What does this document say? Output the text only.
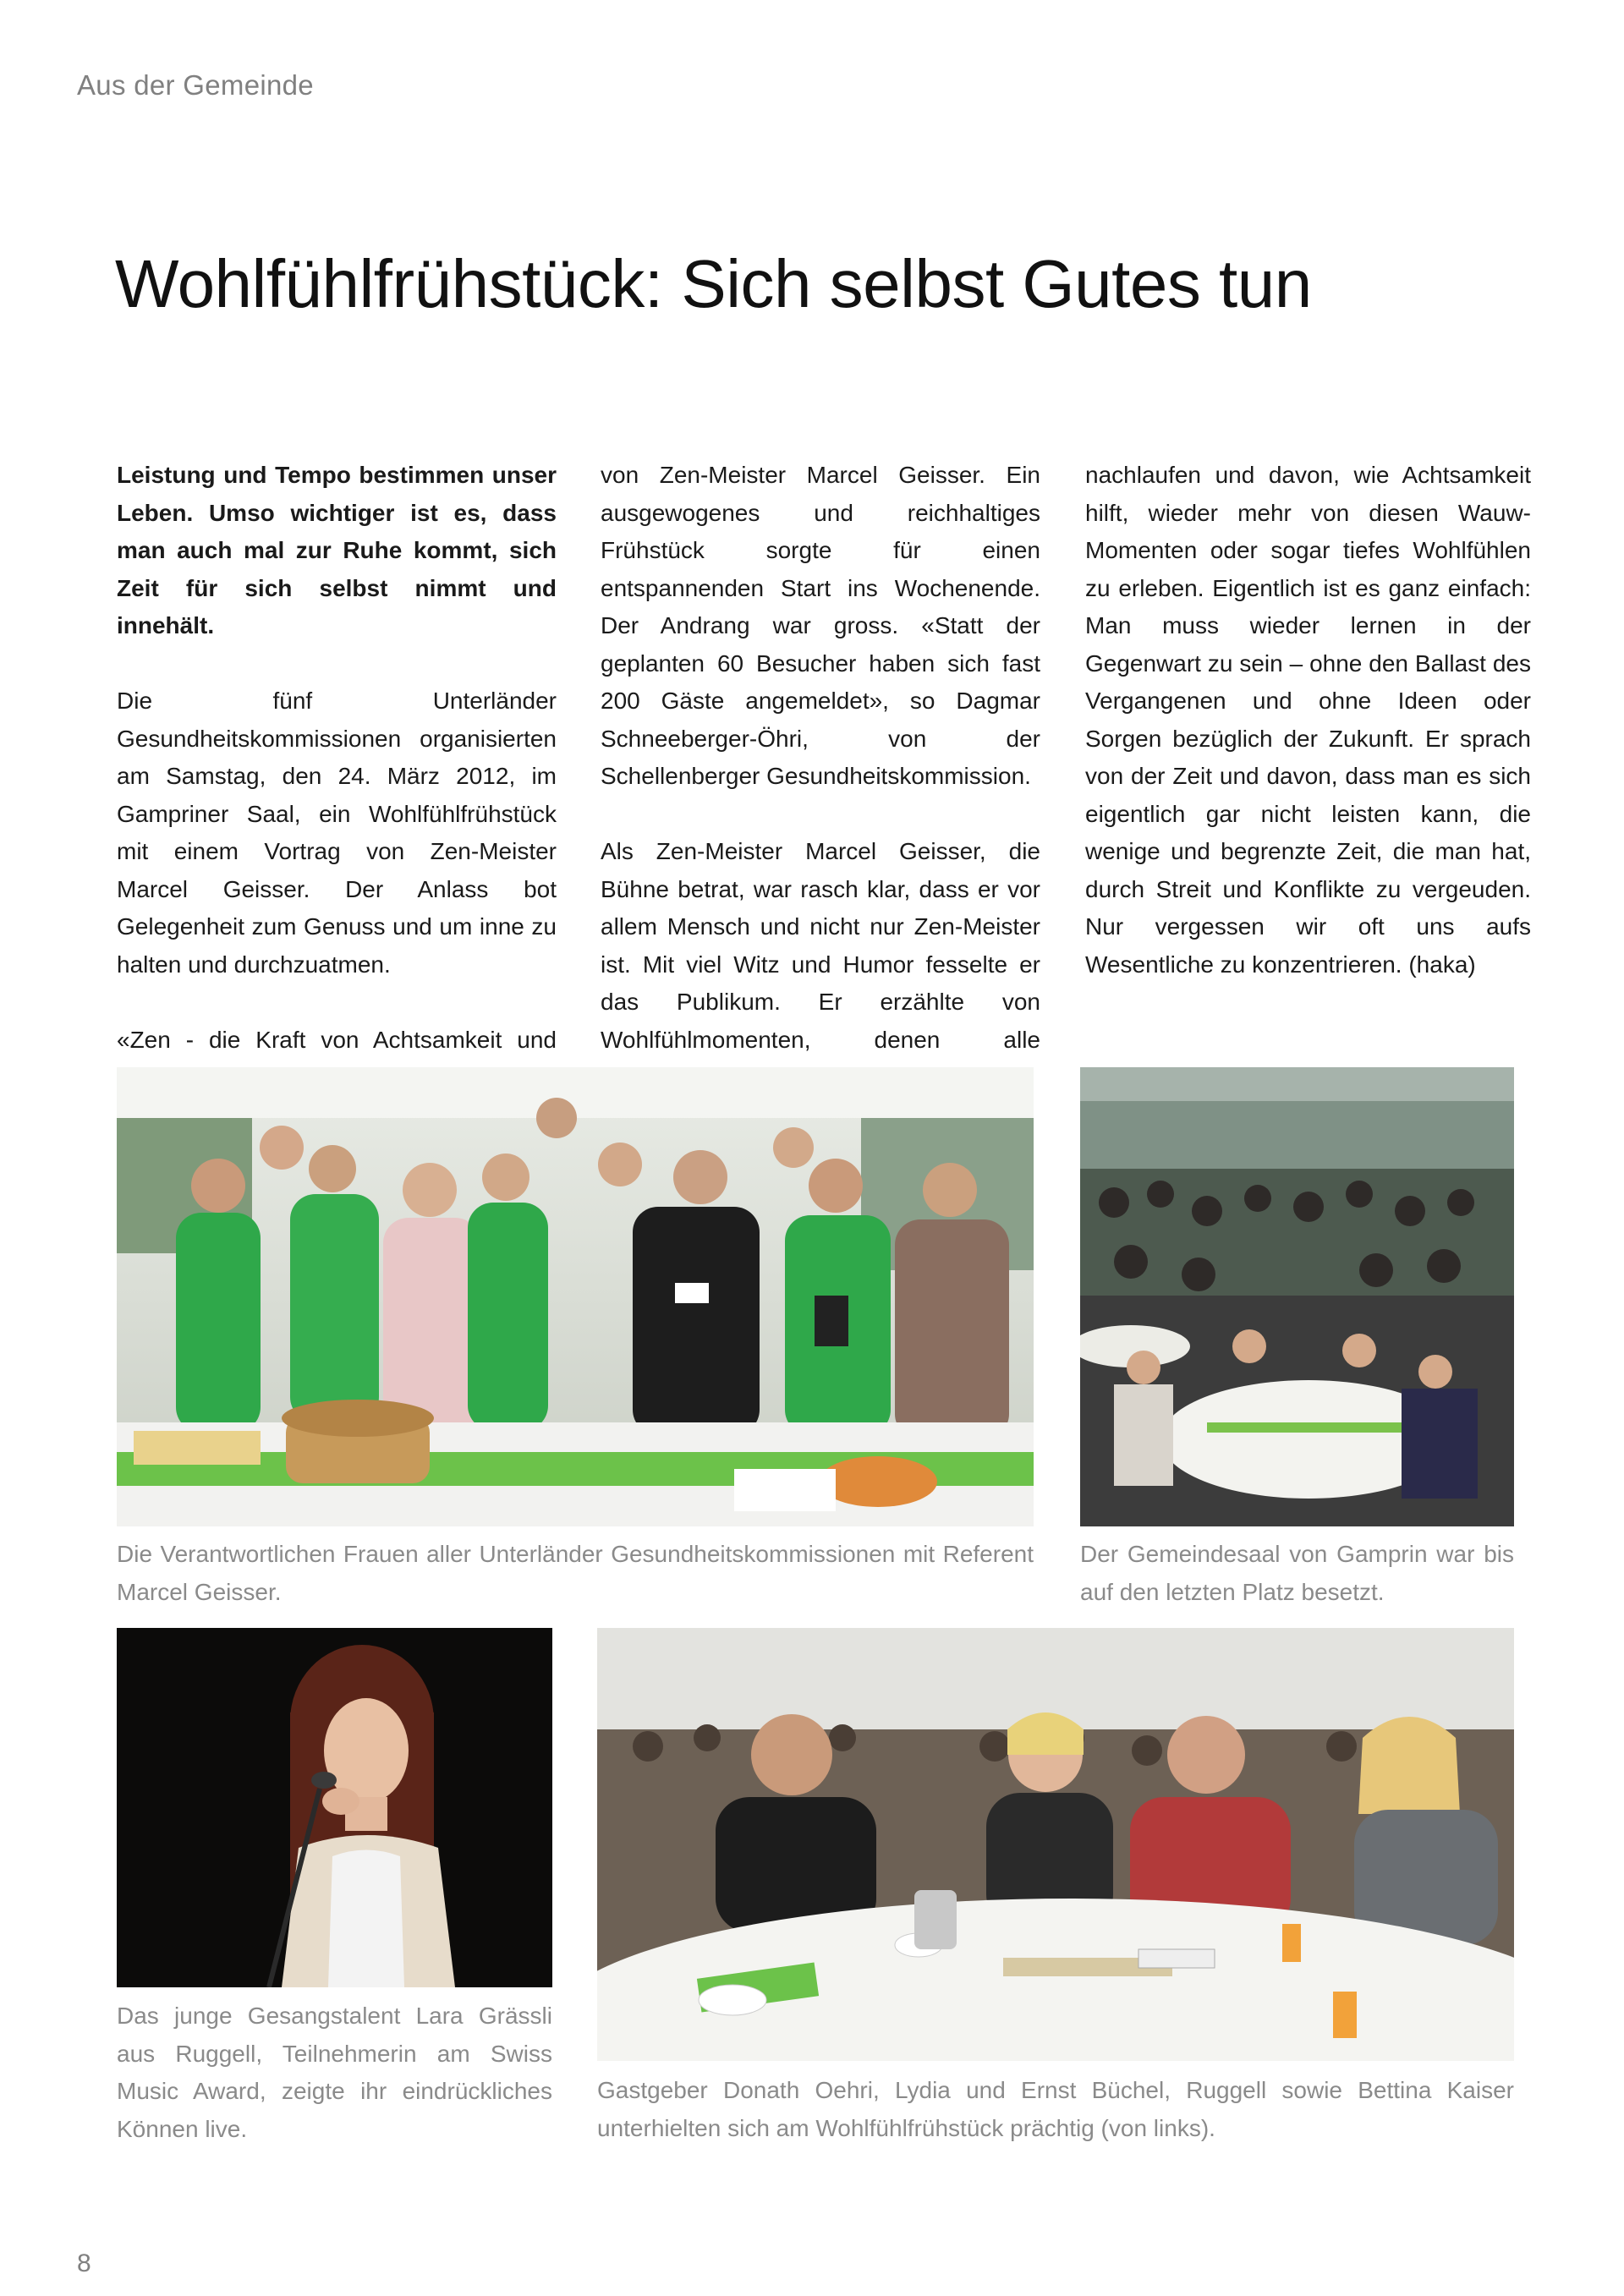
Aus der Gemeinde
Wohlfühlfrühstück: Sich selbst Gutes tun

Leistung und Tempo bestimmen unser Leben. Umso wichtiger ist es, dass man auch mal zur Ruhe kommt, sich Zeit für sich selbst nimmt und innehält.

Die fünf Unterländer Gesundheitskommissionen organisierten am Samstag, den 24. März 2012, im Gampriner Saal, ein Wohlfühlfrühstück mit einem Vortrag von Zen-Meister Marcel Geisser. Der Anlass bot Gelegenheit zum Genuss und um inne zu halten und durchzuatmen.

«Zen - die Kraft von Achtsamkeit und

von Zen-Meister Marcel Geisser. Ein ausgewogenes und reichhaltiges Frühstück sorgte für einen entspannenden Start ins Wochenende. Der Andrang war gross. «Statt der geplanten 60 Besucher haben sich fast 200 Gäste angemeldet», so Dagmar Schneeberger-Öhri, von der Schellenberger Gesundheitskommission.

Als Zen-Meister Marcel Geisser, die Bühne betrat, war rasch klar, dass er vor allem Mensch und nicht nur Zen-Meister ist. Mit viel Witz und Humor fesselte er das Publikum. Er erzählte von Wohlfühlmomenten, denen alle

nachlaufen und davon, wie Achtsamkeit hilft, wieder mehr von diesen Wauw-Momenten oder sogar tiefes Wohlfühlen zu erleben. Eigentlich ist es ganz einfach: Man muss wieder lernen in der Gegenwart zu sein – ohne den Ballast des Vergangenen und ohne Ideen oder Sorgen bezüglich der Zukunft. Er sprach von der Zeit und davon, dass man es sich eigentlich gar nicht leisten kann, die wenige und begrenzte Zeit, die man hat, durch Streit und Konflikte zu vergeuden. Nur vergessen wir oft uns aufs Wesentliche zu konzentrieren. (haka)

Die Verantwortlichen Frauen aller Unterländer Gesundheitskommissionen mit Referent Marcel Geisser.

Der Gemeindesaal von Gamprin war bis auf den letzten Platz besetzt.

Das junge Gesangstalent Lara Grässli aus Ruggell, Teilnehmerin am Swiss Music Award, zeigte ihr eindrückliches Können live.

Gastgeber Donath Oehri, Lydia und Ernst Büchel, Ruggell sowie Bettina Kaiser unterhielten sich am Wohlfühlfrühstück prächtig (von links).

8
